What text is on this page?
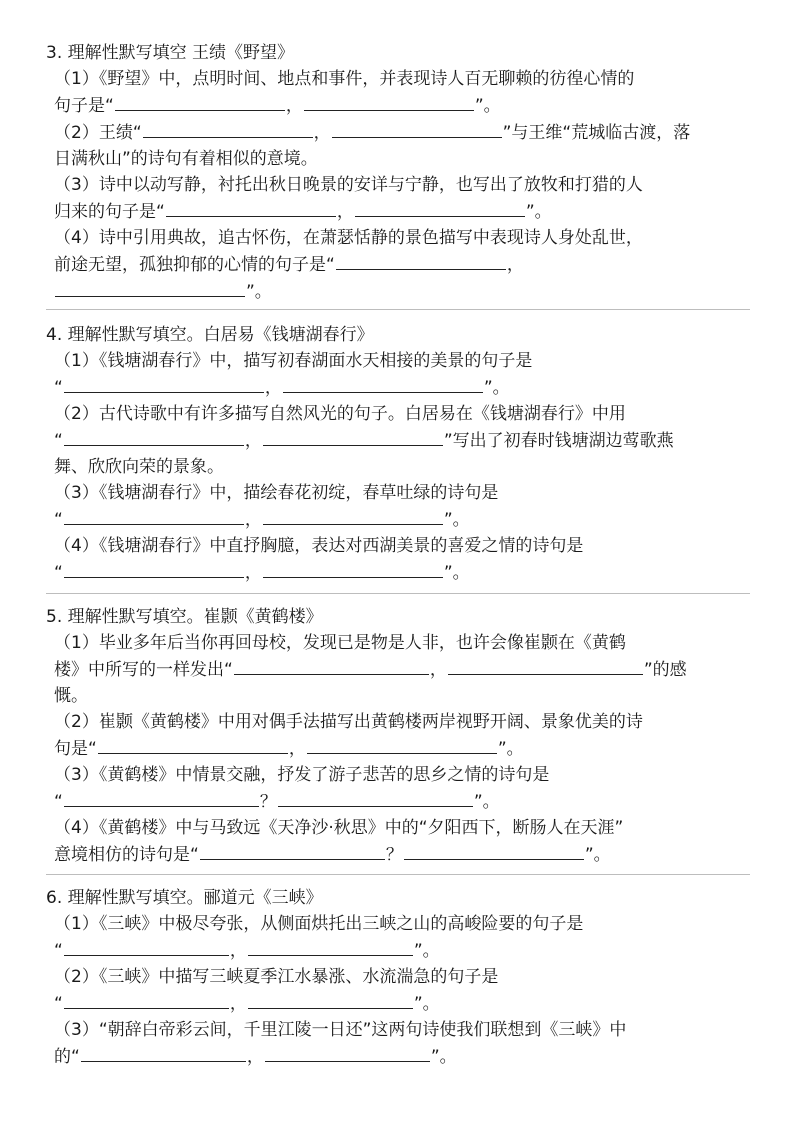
3. 理解性默写填空 王绩《野望》
（1）《野望》中，点明时间、地点和事件，并表现诗人百无聊赖的彷徨心情的
句子是“	，	”。
（2）王绩“	，	”与王维“荒城临古渡，落
日满秋山”的诗句有着相似的意境。
（3）诗中以动写静，衬托出秋日晚景的安详与宁静，也写出了放牧和打猎的人
归来的句子是“	，	”。
（4）诗中引用典故，追古怀伤，在萧瑟恬静的景色描写中表现诗人身处乱世，
前途无望，孤独抑郁的心情的句子是“	，
”。
4. 理解性默写填空。白居易《钱塘湖春行》
（1）《钱塘湖春行》中，描写初春湖面水天相接的美景的句子是
“	，	”。
（2）古代诗歌中有许多描写自然风光的句子。白居易在《钱塘湖春行》中用
“	，	”写出了初春时钱塘湖边莺歌燕
舞、欣欣向荣的景象。
（3）《钱塘湖春行》中，描绘春花初绽，春草吐绿的诗句是
“	，	”。
（4）《钱塘湖春行》中直抒胸臆，表达对西湖美景的喜爱之情的诗句是
“	，	”。
5. 理解性默写填空。崔颢《黄鹤楼》
（1）毕业多年后当你再回母校，发现已是物是人非，也许会像崔颢在《黄鹤
楼》中所写的一样发出“	，	”的感
慨。
（2）崔颢《黄鹤楼》中用对偶手法描写出黄鹤楼两岸视野开阔、景象优美的诗
句是“	，	”。
（3）《黄鹤楼》中情景交融，抒发了游子悲苦的思乡之情的诗句是
“	？	”。
（4）《黄鹤楼》中与马致远《天净沙·秋思》中的“夕阳西下，断肠人在天涯”
意境相仿的诗句是“	？	”。
6. 理解性默写填空。郦道元《三峡》
（1）《三峡》中极尽夸张，从侧面烘托出三峡之山的高峻险要的句子是
“	，	”。
（2）《三峡》中描写三峡夏季江水暴涨、水流湍急的句子是
“	，	”。
（3）“朝辞白帝彩云间，千里江陵一日还”这两句诗使我们联想到《三峡》中
的“	，	”。
